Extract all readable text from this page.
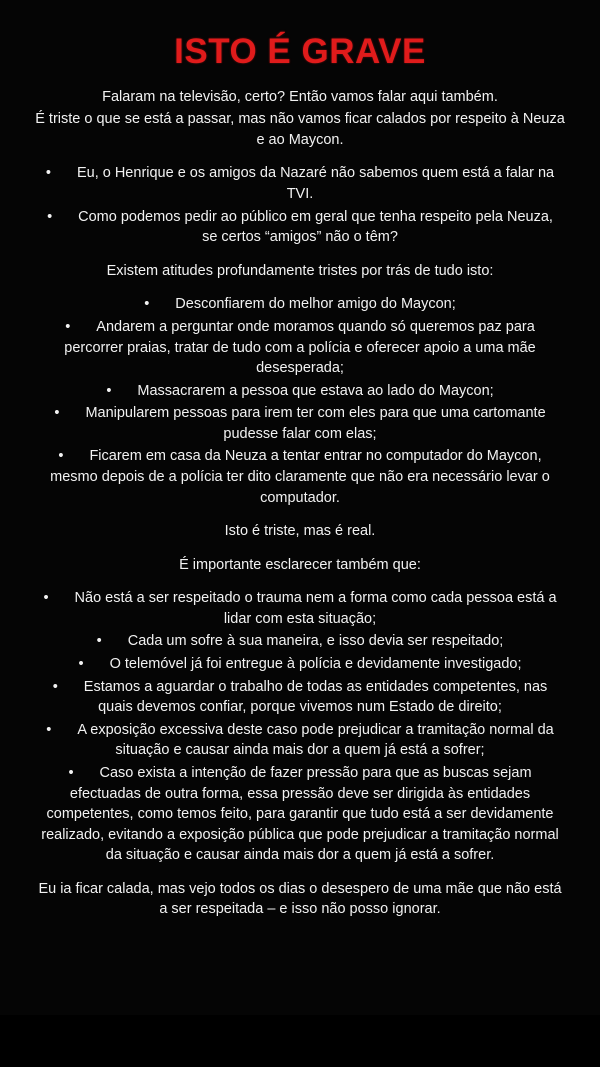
ISTO É GRAVE

Falaram na televisão, certo? Então vamos falar aqui também.

É triste o que se está a passar, mas não vamos ficar calados por respeito à Neuza e ao Maycon.

• Eu, o Henrique e os amigos da Nazaré não sabemos quem está a falar na TVI.
• Como podemos pedir ao público em geral que tenha respeito pela Neuza, se certos “amigos” não o têm?

Existem atitudes profundamente tristes por trás de tudo isto:

• Desconfiarem do melhor amigo do Maycon;
• Andarem a perguntar onde moramos quando só queremos paz para percorrer praias, tratar de tudo com a polícia e oferecer apoio a uma mãe desesperada;
• Massacrarem a pessoa que estava ao lado do Maycon;
• Manipularem pessoas para irem ter com eles para que uma cartomante pudesse falar com elas;
• Ficarem em casa da Neuza a tentar entrar no computador do Maycon, mesmo depois de a polícia ter dito claramente que não era necessário levar o computador.

Isto é triste, mas é real.

É importante esclarecer também que:

• Não está a ser respeitado o trauma nem a forma como cada pessoa está a lidar com esta situação;
• Cada um sofre à sua maneira, e isso devia ser respeitado;
• O telemóvel já foi entregue à polícia e devidamente investigado;
• Estamos a aguardar o trabalho de todas as entidades competentes, nas quais devemos confiar, porque vivemos num Estado de direito;
• A exposição excessiva deste caso pode prejudicar a tramitação normal da situação e causar ainda mais dor a quem já está a sofrer;
• Caso exista a intenção de fazer pressão para que as buscas sejam efectuadas de outra forma, essa pressão deve ser dirigida às entidades competentes, como temos feito, para garantir que tudo está a ser devidamente realizado, evitando a exposição pública que pode prejudicar a tramitação normal da situação e causar ainda mais dor a quem já está a sofrer.

Eu ia ficar calada, mas vejo todos os dias o desespero de uma mãe que não está a ser respeitada – e isso não posso ignorar.
